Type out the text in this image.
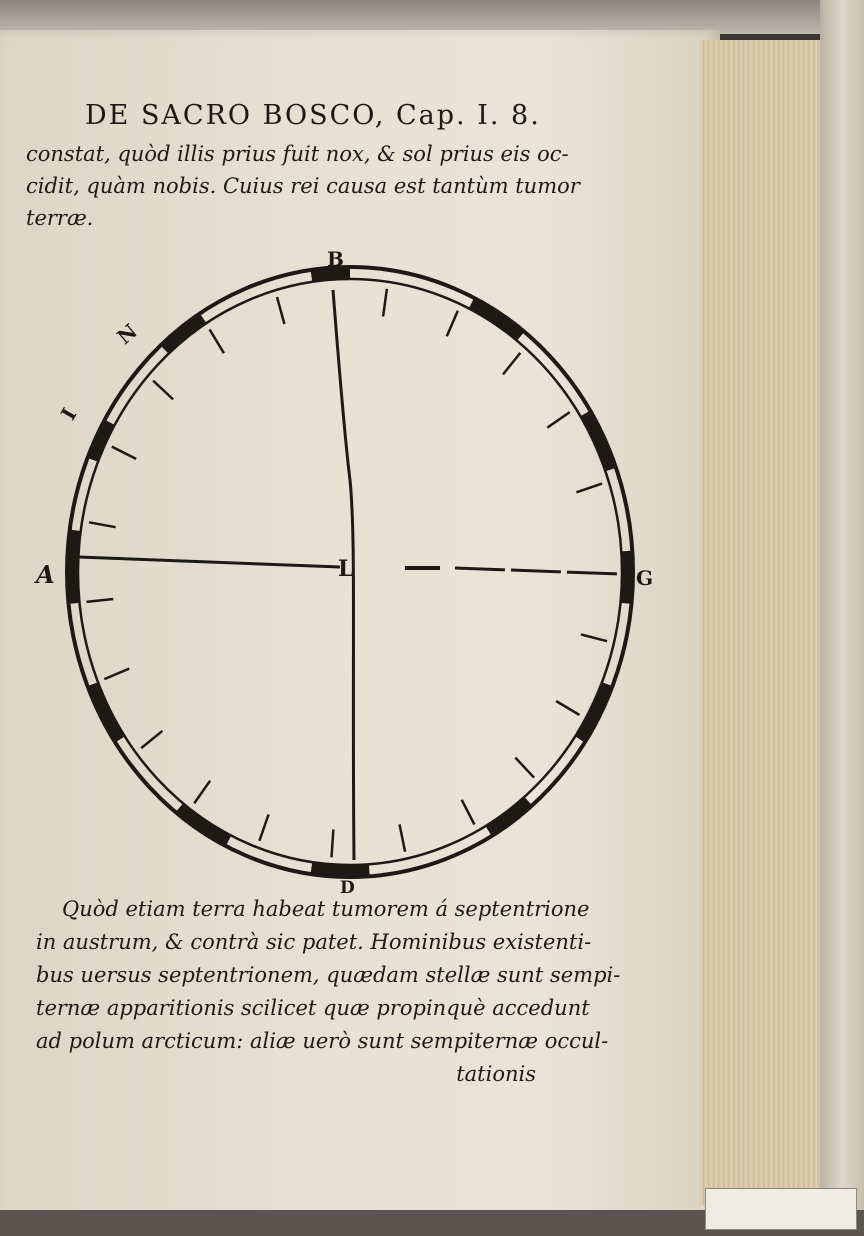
DE SACRO BOSCO, Cap. I. 8.
constat, quòd illis prius fuit nox, & sol prius eis oc-
cidit, quàm nobis. Cuius rei causa est tantùm tumor
terræ.
B
A	G
D
L
N
I
Quòd etiam terra habeat tumorem á septentrione
in austrum, & contrà sic patet. Hominibus existenti-
bus uersus septentrionem, quædam stellæ sunt sempi-
ternæ apparitionis scilicet quæ propinquè accedunt
ad polum arcticum: aliæ uerò sunt sempiternæ occul-
tationis
